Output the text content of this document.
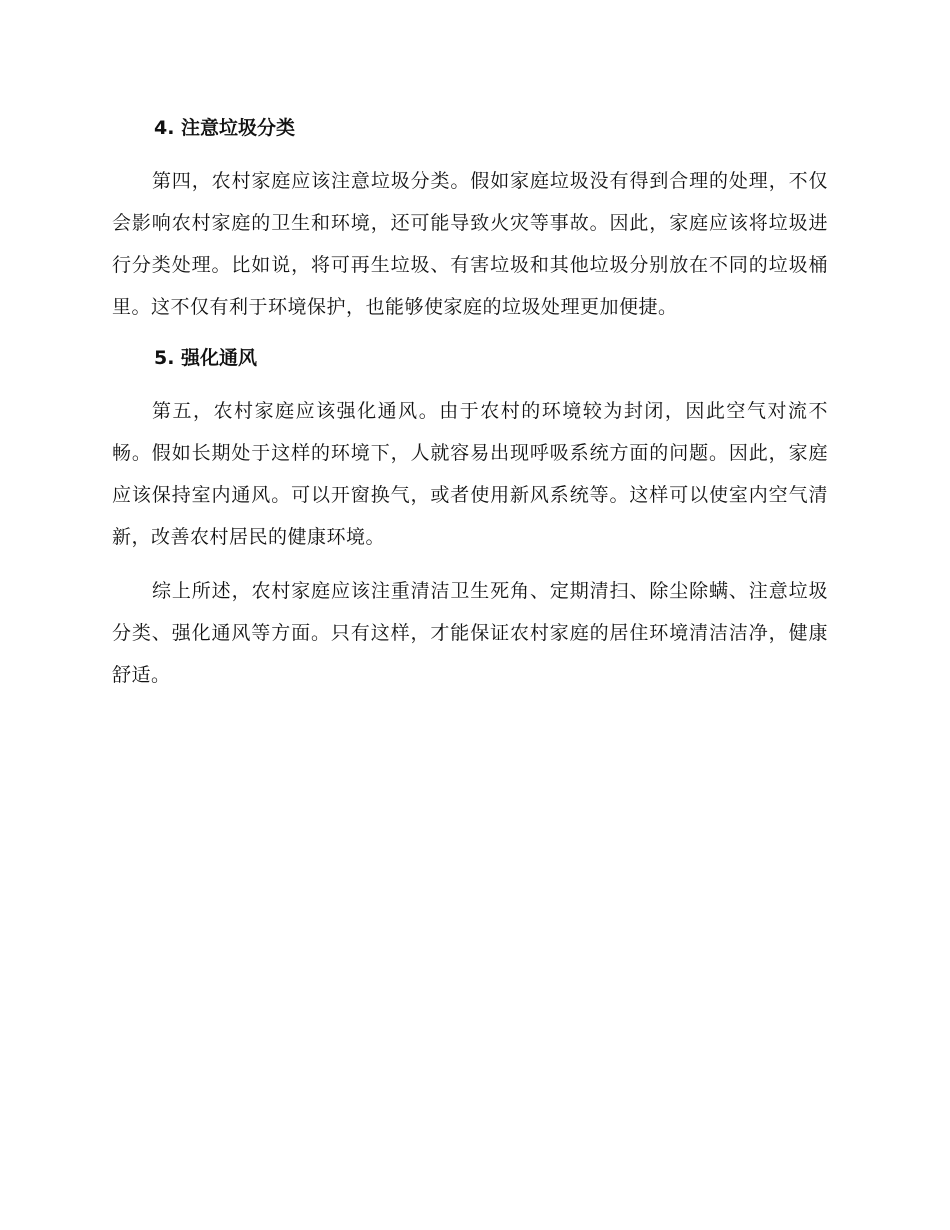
4. 注意垃圾分类

第四，农村家庭应该注意垃圾分类。假如家庭垃圾没有得到合理的处理，不仅会影响农村家庭的卫生和环境，还可能导致火灾等事故。因此，家庭应该将垃圾进行分类处理。比如说，将可再生垃圾、有害垃圾和其他垃圾分别放在不同的垃圾桶里。这不仅有利于环境保护，也能够使家庭的垃圾处理更加便捷。

5. 强化通风

第五，农村家庭应该强化通风。由于农村的环境较为封闭，因此空气对流不畅。假如长期处于这样的环境下，人就容易出现呼吸系统方面的问题。因此，家庭应该保持室内通风。可以开窗换气，或者使用新风系统等。这样可以使室内空气清新，改善农村居民的健康环境。

综上所述，农村家庭应该注重清洁卫生死角、定期清扫、除尘除螨、注意垃圾分类、强化通风等方面。只有这样，才能保证农村家庭的居住环境清洁洁净，健康舒适。
